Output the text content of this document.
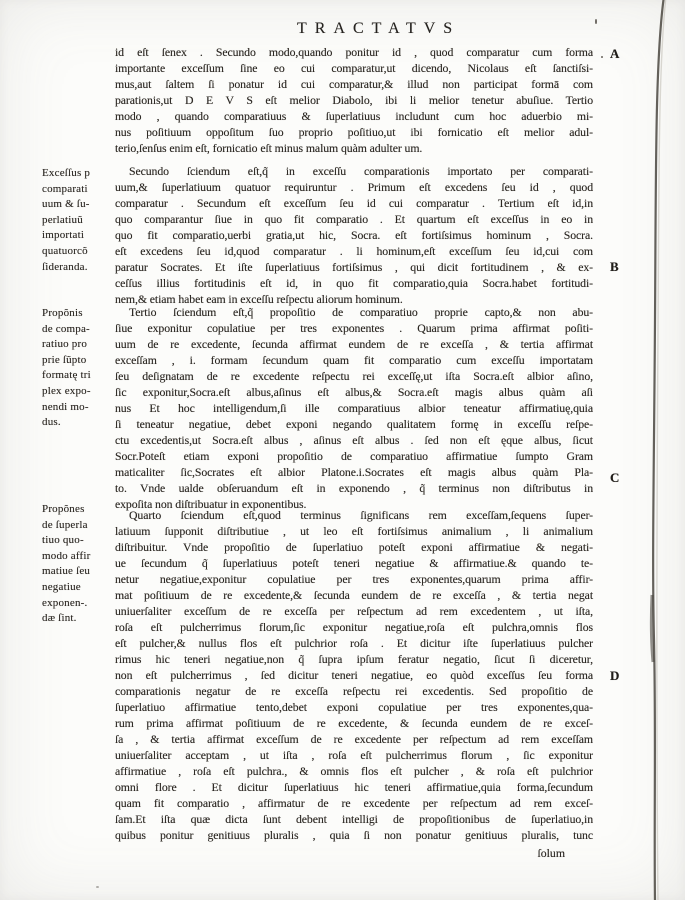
TRACTATVS
id eſt ſenex . Secundo modo,quando ponitur id , quod comparatur cum forma
importante exceſſum ſine eo cui comparatur,ut dicendo, Nicolaus eſt ſanctiſsi-
mus,aut ſaltem ſi ponatur id cui comparatur,& illud non participat formā com
parationis,ut D E V S eſt melior Diabolo, ibi li melior tenetur abuſiue. Tertio
modo , quando comparatiuus & ſuperlatiuus includunt cum hoc aduerbio mi-
nus poſitiuum oppoſitum ſuo proprio poſitiuo,ut ibi fornicatio eſt melior adul-
terio,ſenſus enim eſt, fornicatio eſt minus malum quàm adulter um.
Secundo ſciendum eſt,q̃ in exceſſu comparationis importato per comparati-
uum,& ſuperlatiuum quatuor requiruntur . Primum eſt excedens ſeu id , quod
comparatur . Secundum eſt exceſſum ſeu id cui comparatur . Tertium eſt id,in
quo comparantur ſiue in quo fit comparatio . Et quartum eſt exceſſus in eo in
quo fit comparatio,uerbi gratia,ut hic, Socra. eſt fortiſsimus hominum , Socra.
eſt excedens ſeu id,quod comparatur . li hominum,eſt exceſſum ſeu id,cui com
paratur Socrates. Et iſte ſuperlatiuus fortiſsimus , qui dicit fortitudinem , & ex-
ceſſus illius fortitudinis eſt id, in quo fit comparatio,quia Socra.habet fortitudi-
nem,& etiam habet eam in exceſſu reſpectu aliorum hominum.
Tertio ſciendum eſt,q̃ propoſitio de comparatiuo proprie capto,& non abu-
ſiue exponitur copulatiue per tres exponentes . Quarum prima affirmat poſiti-
uum de re excedente, ſecunda affirmat eundem de re exceſſa , & tertia affirmat
exceſſam , i. formam ſecundum quam fit comparatio cum exceſſu importatam
ſeu deſignatam de re excedente reſpectu rei exceſſę,ut iſta Socra.eſt albior aſino,
ſic exponitur,Socra.eſt albus,aſinus eſt albus,& Socra.eſt magis albus quàm aſi
nus Et hoc intelligendum,ſi ille comparatiuus albior teneatur affirmatiuę,quia
ſi teneatur negatiue, debet exponi negando qualitatem formę in exceſſu reſpe-
ctu excedentis,ut Socra.eſt albus , aſinus eſt albus . ſed non eſt ęque albus, ſicut
Socr.Poteſt etiam exponi propoſitio de comparatiuo affirmatiue ſumpto Gram
maticaliter ſic,Socrates eſt albior Platone.i.Socrates eſt magis albus quàm Pla-
to. Vnde ualde obſeruandum eſt in exponendo , q̃ terminus non diſtributus in
expoſita non diſtribuatur in exponentibus.
Quarto ſciendum eſt,quod terminus ſignificans rem exceſſam,ſequens ſuper-
latiuum ſupponit diſtributiue , ut leo eſt fortiſsimus animalium , li animalium
diſtribuitur. Vnde propoſitio de ſuperlatiuo poteſt exponi affirmatiue & negati-
ue ſecundum q̃ ſuperlatiuus poteſt teneri negatiue & affirmatiue.& quando te-
netur negatiue,exponitur copulatiue per tres exponentes,quarum prima affir-
mat poſitiuum de re excedente,& ſecunda eundem de re exceſſa , & tertia negat
uniuerſaliter exceſſum de re exceſſa per reſpectum ad rem excedentem , ut iſta,
roſa eſt pulcherrimus florum,ſic exponitur negatiue,roſa eſt pulchra,omnis flos
eſt pulcher,& nullus flos eſt pulchrior roſa . Et dicitur iſte ſuperlatiuus pulcher
rimus hic teneri negatiue,non q̃ ſupra ipſum feratur negatio, ſicut ſi diceretur,
non eſt pulcherrimus , ſed dicitur teneri negatiue, eo quòd exceſſus ſeu forma
comparationis negatur de re exceſſa reſpectu rei excedentis. Sed propoſitio de
ſuperlatiuo affirmatiue tento,debet exponi copulatiue per tres exponentes,qua-
rum prima affirmat poſitiuum de re excedente, & ſecunda eundem de re exceſ-
ſa , & tertia affirmat exceſſum de re excedente per reſpectum ad rem exceſſam
uniuerſaliter acceptam , ut iſta , roſa eſt pulcherrimus florum , ſic exponitur
affirmatiue , roſa eſt pulchra., & omnis flos eſt pulcher , & roſa eſt pulchrior
omni flore . Et dicitur ſuperlatiuus hic teneri affirmatiue,quia forma,ſecundum
quam fit comparatio , affirmatur de re excedente per reſpectum ad rem exceſ-
ſam.Et iſta quæ dicta ſunt debent intelligi de propoſitionibus de ſuperlatiuo,in
quibus ponitur genitiuus pluralis , quia ſi non ponatur genitiuus pluralis, tunc
Exceſſus p
comparati
uum & ſu-
perlatiuũ
importati
quatuorcõ
ſideranda.
Propõnis
de compa-
ratiuo pro
prie ſũpto
formatę tri
plex expo-
nendi mo-
dus.
Propõnes
de ſuperla
tiuo quo-
modo affir
matiue ſeu
negatiue
exponen-.
dæ ſint.
A
B
C
D
ſolum
